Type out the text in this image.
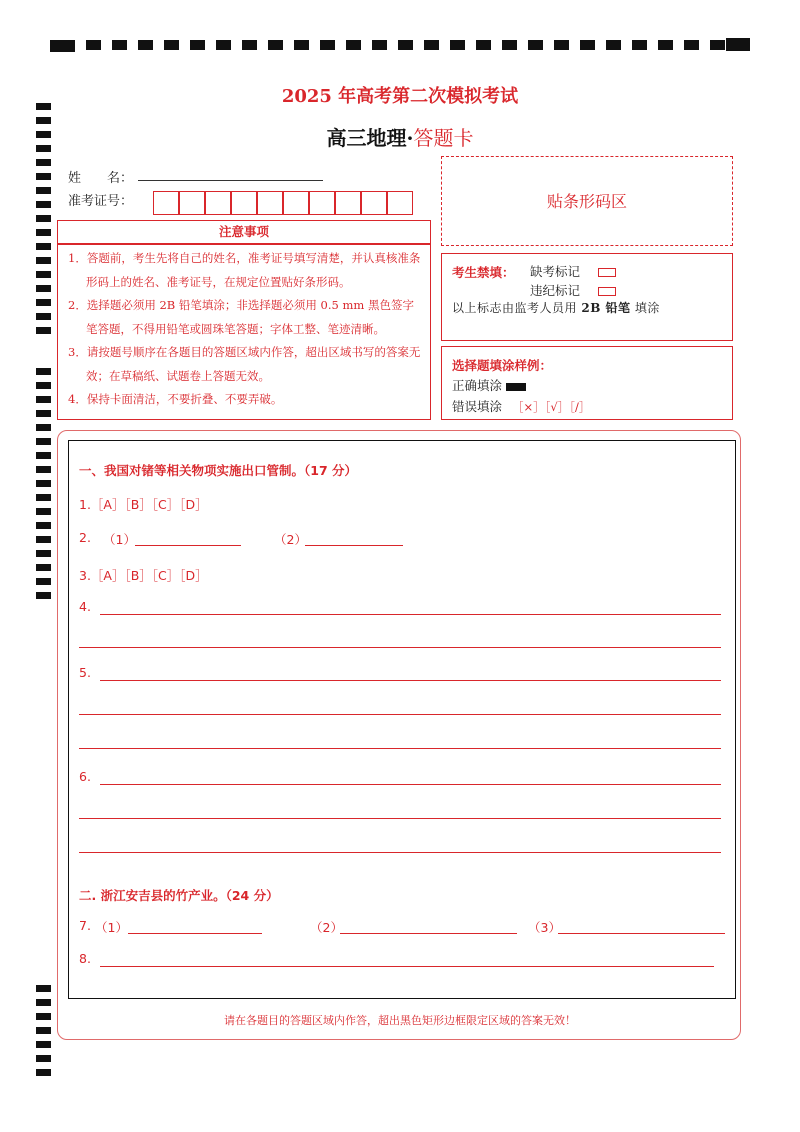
2025 年高考第二次模拟考试
高三地理·答题卡
姓　　名：
准考证号：	贴条形码区
注意事项
1．答题前，考生先将自己的姓名，准考证号填写清楚，并认真核准条形码上的姓名、准考证号，在规定位置贴好条形码。
2．选择题必须用 2B 铅笔填涂；非选择题必须用 0.5 mm 黑色签字笔答题，不得用铅笔或圆珠笔答题；字体工整、笔迹清晰。
3．请按题号顺序在各题目的答题区域内作答，超出区域书写的答案无效；在草稿纸、试题卷上答题无效。
4．保持卡面清洁，不要折叠、不要弄破。
考生禁填： 缺考标记
违纪标记
以上标志由监考人员用 2B 铅笔 填涂
选择题填涂样例：
正确填涂
错误填涂 ［×］［√］［/］
一、我国对锗等相关物项实施出口管制。（17 分）
1.［A］［B］［C］［D］
2. （1）	（2）
3.［A］［B］［C］［D］
4.
5.
6.
二. 浙江安吉县的竹产业。（24 分）
7. （1）	（2）	（3）
8.
请在各题目的答题区域内作答，超出黑色矩形边框限定区域的答案无效！
